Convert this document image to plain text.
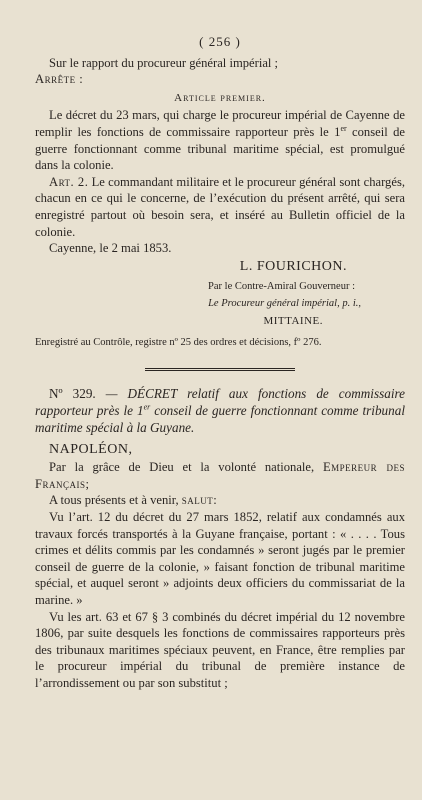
( 256 )

Sur le rapport du procureur général impérial ;

Arrête :

Article premier.

Le décret du 23 mars, qui charge le procureur impérial de Cayenne de remplir les fonctions de commissaire rapporteur près le 1er conseil de guerre fonctionnant comme tribunal maritime spécial, est promulgué dans la colonie.

Art. 2. Le commandant militaire et le procureur général sont chargés, chacun en ce qui le concerne, de l’exécution du présent arrêté, qui sera enregistré partout où besoin sera, et inséré au Bulletin officiel de la colonie.

Cayenne, le 2 mai 1853.

L. FOURICHON.
Par le Contre-Amiral Gouverneur :
Le Procureur général impérial, p. i.,
MITTAINE.

Enregistré au Contrôle, registre nº 25 des ordres et décisions, fº 276.

Nº 329. — DÉCRET relatif aux fonctions de commissaire rapporteur près le 1er conseil de guerre fonctionnant comme tribunal maritime spécial à la Guyane.

NAPOLÉON,

Par la grâce de Dieu et la volonté nationale, Empereur des Français;

A tous présents et à venir, salut:

Vu l’art. 12 du décret du 27 mars 1852, relatif aux condamnés aux travaux forcés transportés à la Guyane française, portant : « . . . . Tous crimes et délits commis par les condamnés » seront jugés par le premier conseil de guerre de la colonie, » faisant fonction de tribunal maritime spécial, et auquel seront » adjoints deux officiers du commissariat de la marine. »

Vu les art. 63 et 67 § 3 combinés du décret impérial du 12 novembre 1806, par suite desquels les fonctions de commissaires rapporteurs près des tribunaux maritimes spéciaux peuvent, en France, être remplies par le procureur impérial du tribunal de première instance de l’arrondissement ou par son substitut ;
